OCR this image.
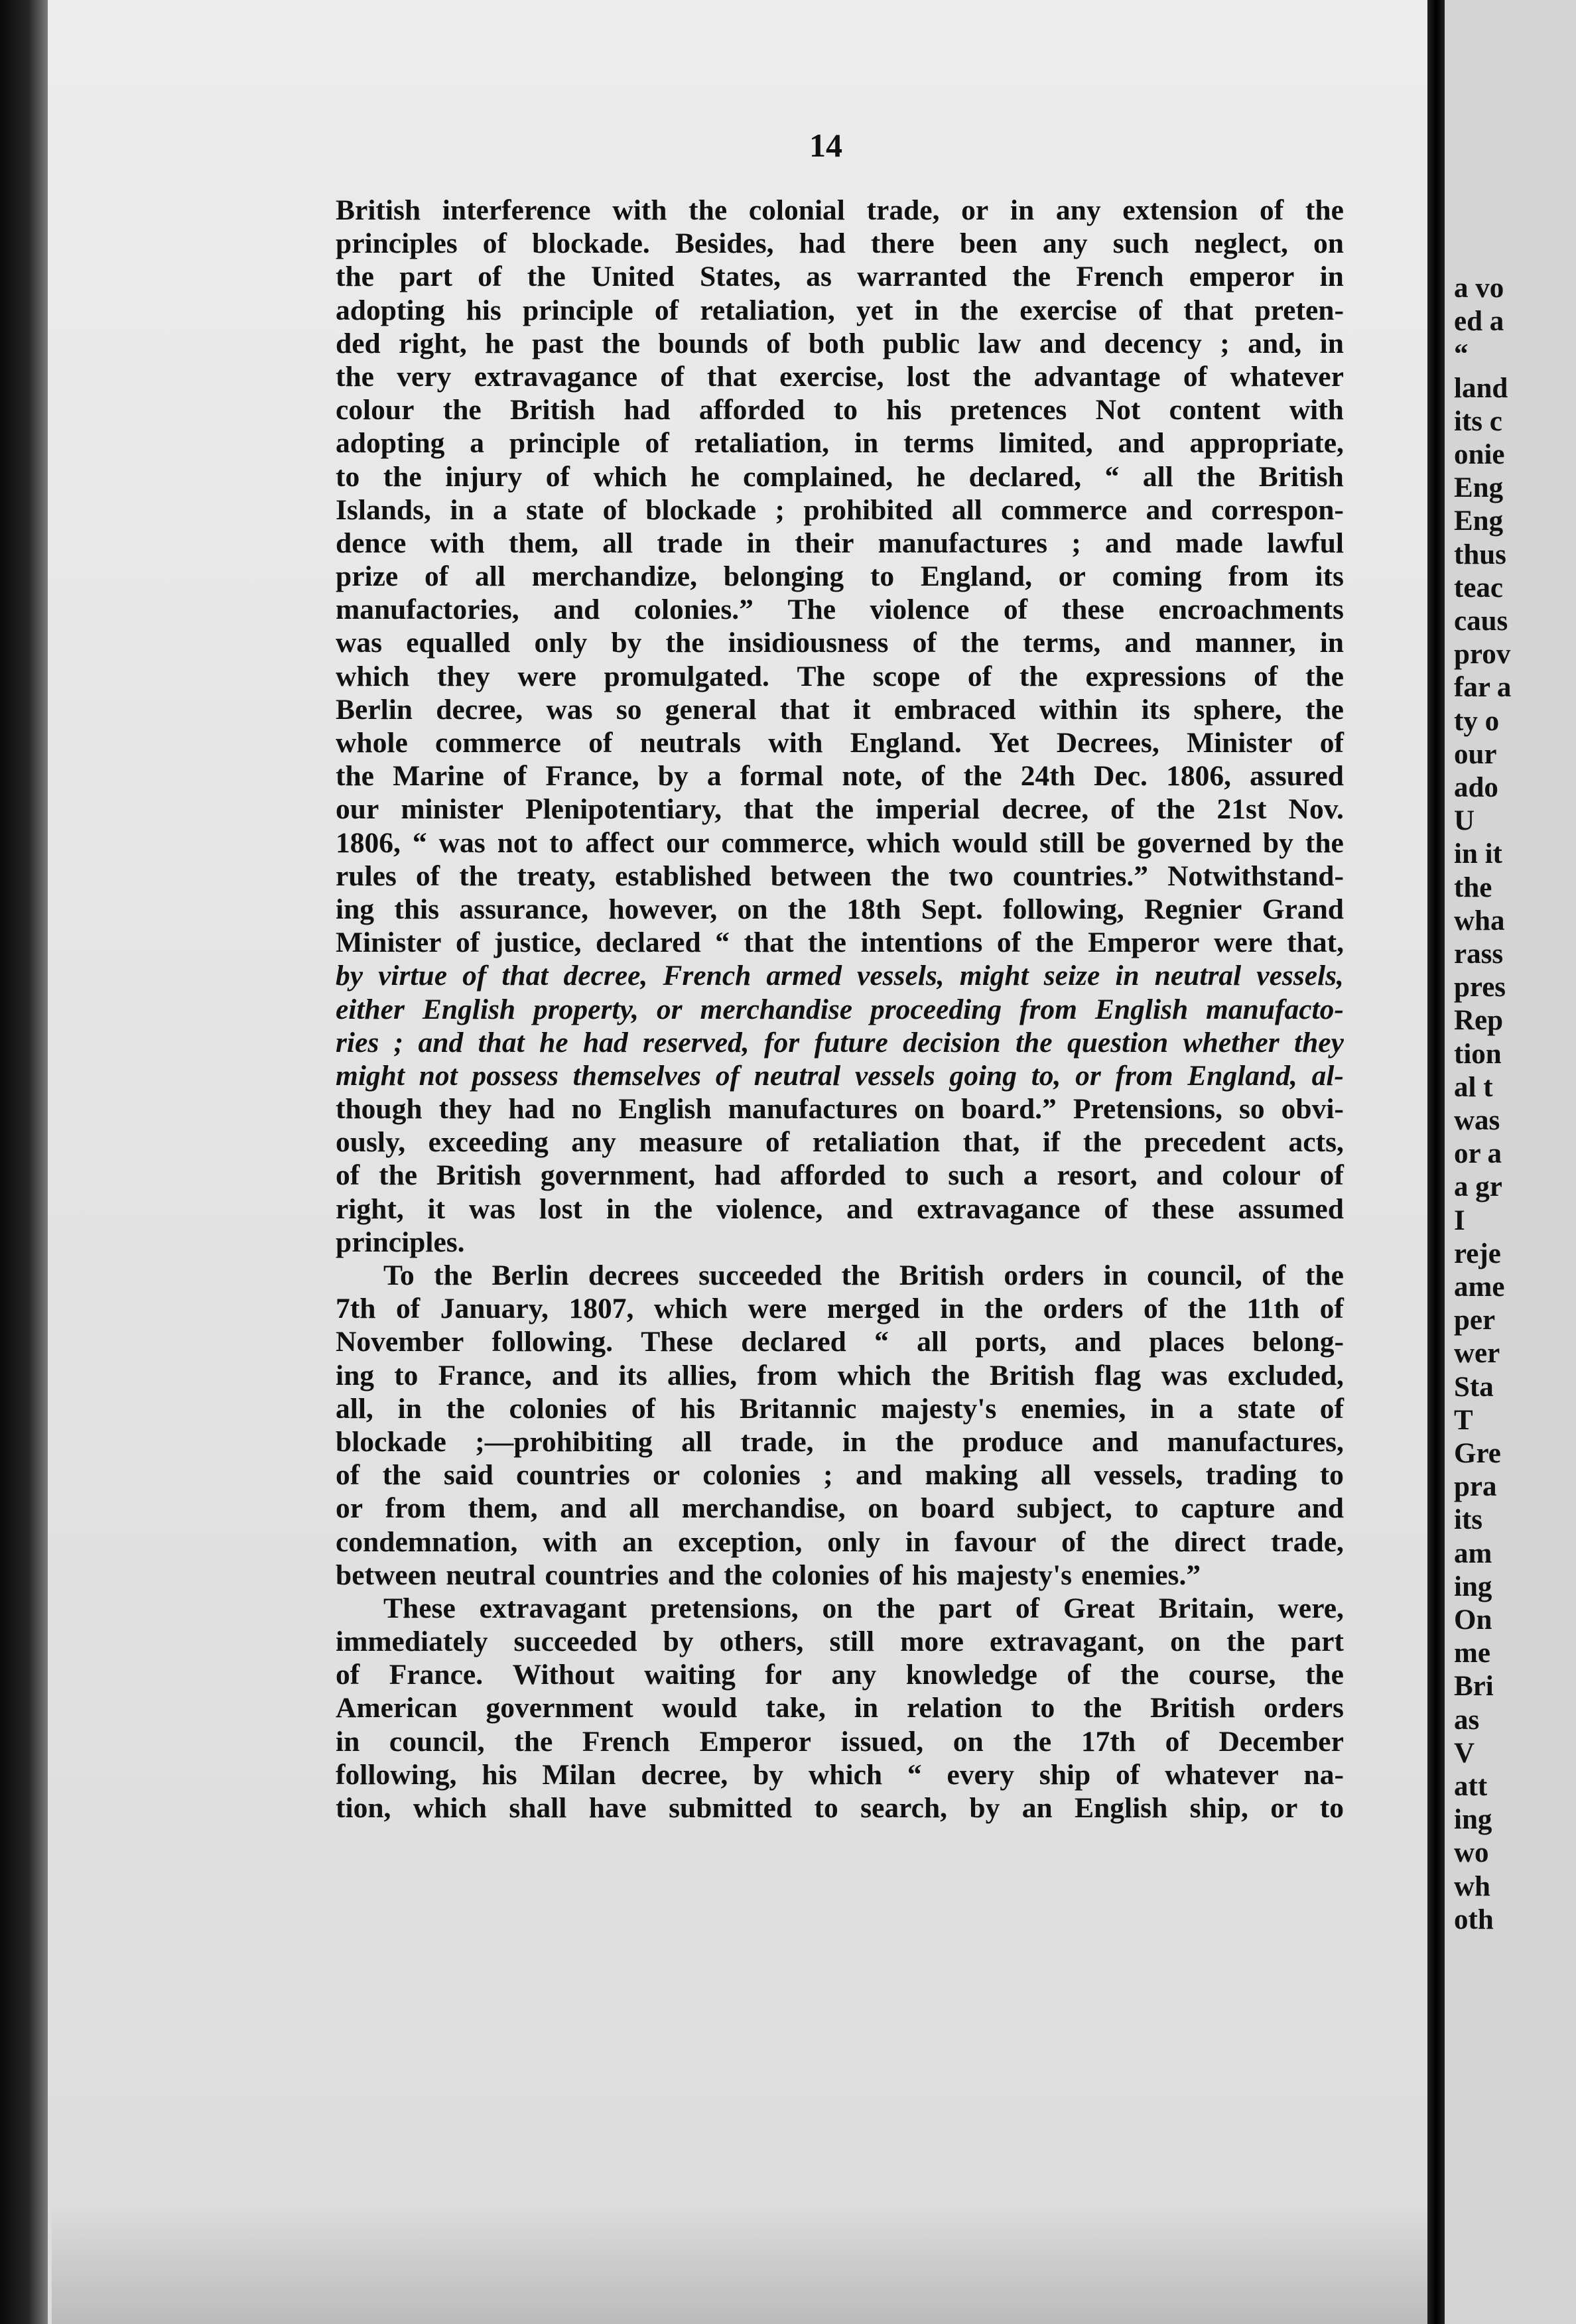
14
British interference with the colonial trade, or in any extension of the
principles of blockade. Besides, had there been any such neglect, on
the part of the United States, as warranted the French emperor in
adopting his principle of retaliation, yet in the exercise of that preten-
ded right, he past the bounds of both public law and decency ; and, in
the very extravagance of that exercise, lost the advantage of whatever
colour the British had afforded to his pretences Not content with
adopting a principle of retaliation, in terms limited, and appropriate,
to the injury of which he complained, he declared, “ all the British
Islands, in a state of blockade ; prohibited all commerce and correspon-
dence with them, all trade in their manufactures ; and made lawful
prize of all merchandize, belonging to England, or coming from its
manufactories, and colonies.” The violence of these encroachments
was equalled only by the insidiousness of the terms, and manner, in
which they were promulgated. The scope of the expressions of the
Berlin decree, was so general that it embraced within its sphere, the
whole commerce of neutrals with England. Yet Decrees, Minister of
the Marine of France, by a formal note, of the 24th Dec. 1806, assured
our minister Plenipotentiary, that the imperial decree, of the 21st Nov.
1806, “ was not to affect our commerce, which would still be governed by the
rules of the treaty, established between the two countries.” Notwithstand-
ing this assurance, however, on the 18th Sept. following, Regnier Grand
Minister of justice, declared “ that the intentions of the Emperor were that,
by virtue of that decree, French armed vessels, might seize in neutral vessels,
either English property, or merchandise proceeding from English manufacto-
ries ; and that he had reserved, for future decision the question whether they
might not possess themselves of neutral vessels going to, or from England, al-
though they had no English manufactures on board.” Pretensions, so obvi-
ously, exceeding any measure of retaliation that, if the precedent acts,
of the British government, had afforded to such a resort, and colour of
right, it was lost in the violence, and extravagance of these assumed
principles.
To the Berlin decrees succeeded the British orders in council, of the
7th of January, 1807, which were merged in the orders of the 11th of
November following. These declared “ all ports, and places belong-
ing to France, and its allies, from which the British flag was excluded,
all, in the colonies of his Britannic majesty's enemies, in a state of
blockade ;—prohibiting all trade, in the produce and manufactures,
of the said countries or colonies ; and making all vessels, trading to
or from them, and all merchandise, on board subject, to capture and
condemnation, with an exception, only in favour of the direct trade,
between neutral countries and the colonies of his majesty's enemies.”
These extravagant pretensions, on the part of Great Britain, were,
immediately succeeded by others, still more extravagant, on the part
of France. Without waiting for any knowledge of the course, the
American government would take, in relation to the British orders
in council, the French Emperor issued, on the 17th of December
following, his Milan decree, by which “ every ship of whatever na-
tion, which shall have submitted to search, by an English ship, or to
a vo
ed a
“
land
its c
onie
Eng
Eng
thus
teac
caus
prov
far a
ty o
our
ado
U
in it
the
wha
rass
pres
Rep
tion
al t
was
or a
a gr
I
reje
ame
per
wer
Sta
T
Gre
pra
its
am
ing
On
me
Bri
as
V
att
ing
wo
wh
oth
